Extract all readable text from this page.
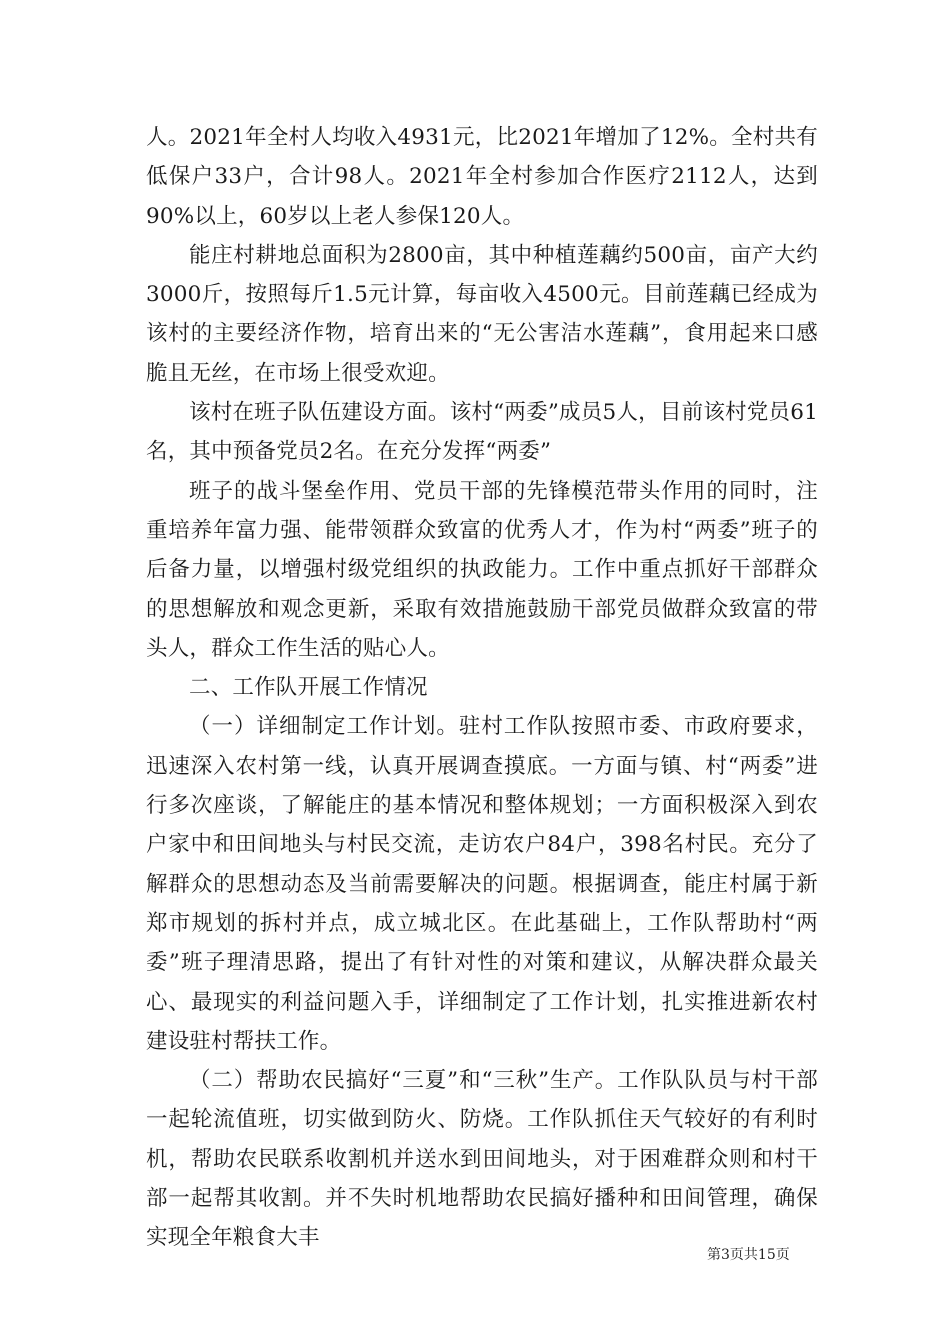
人。2021年全村人均收入4931元，比2021年增加了12%。全村共有低保户33户，合计98人。2021年全村参加合作医疗2112人，达到90%以上，60岁以上老人参保120人。

能庄村耕地总面积为2800亩，其中种植莲藕约500亩，亩产大约3000斤，按照每斤1.5元计算，每亩收入4500元。目前莲藕已经成为该村的主要经济作物，培育出来的“无公害洁水莲藕”，食用起来口感脆且无丝，在市场上很受欢迎。

该村在班子队伍建设方面。该村“两委”成员5人，目前该村党员61名，其中预备党员2名。在充分发挥“两委”

班子的战斗堡垒作用、党员干部的先锋模范带头作用的同时，注重培养年富力强、能带领群众致富的优秀人才，作为村“两委”班子的后备力量，以增强村级党组织的执政能力。工作中重点抓好干部群众的思想解放和观念更新，采取有效措施鼓励干部党员做群众致富的带头人，群众工作生活的贴心人。

二、工作队开展工作情况

（一）详细制定工作计划。驻村工作队按照市委、市政府要求，迅速深入农村第一线，认真开展调查摸底。一方面与镇、村“两委”进行多次座谈，了解能庄的基本情况和整体规划；一方面积极深入到农户家中和田间地头与村民交流，走访农户84户，398名村民。充分了解群众的思想动态及当前需要解决的问题。根据调查，能庄村属于新郑市规划的拆村并点，成立城北区。在此基础上，工作队帮助村“两委”班子理清思路，提出了有针对性的对策和建议，从解决群众最关心、最现实的利益问题入手，详细制定了工作计划，扎实推进新农村建设驻村帮扶工作。

（二）帮助农民搞好“三夏”和“三秋”生产。工作队队员与村干部一起轮流值班，切实做到防火、防烧。工作队抓住天气较好的有利时机，帮助农民联系收割机并送水到田间地头，对于困难群众则和村干部一起帮其收割。并不失时机地帮助农民搞好播种和田间管理，确保实现全年粮食大丰

第3页共15页
